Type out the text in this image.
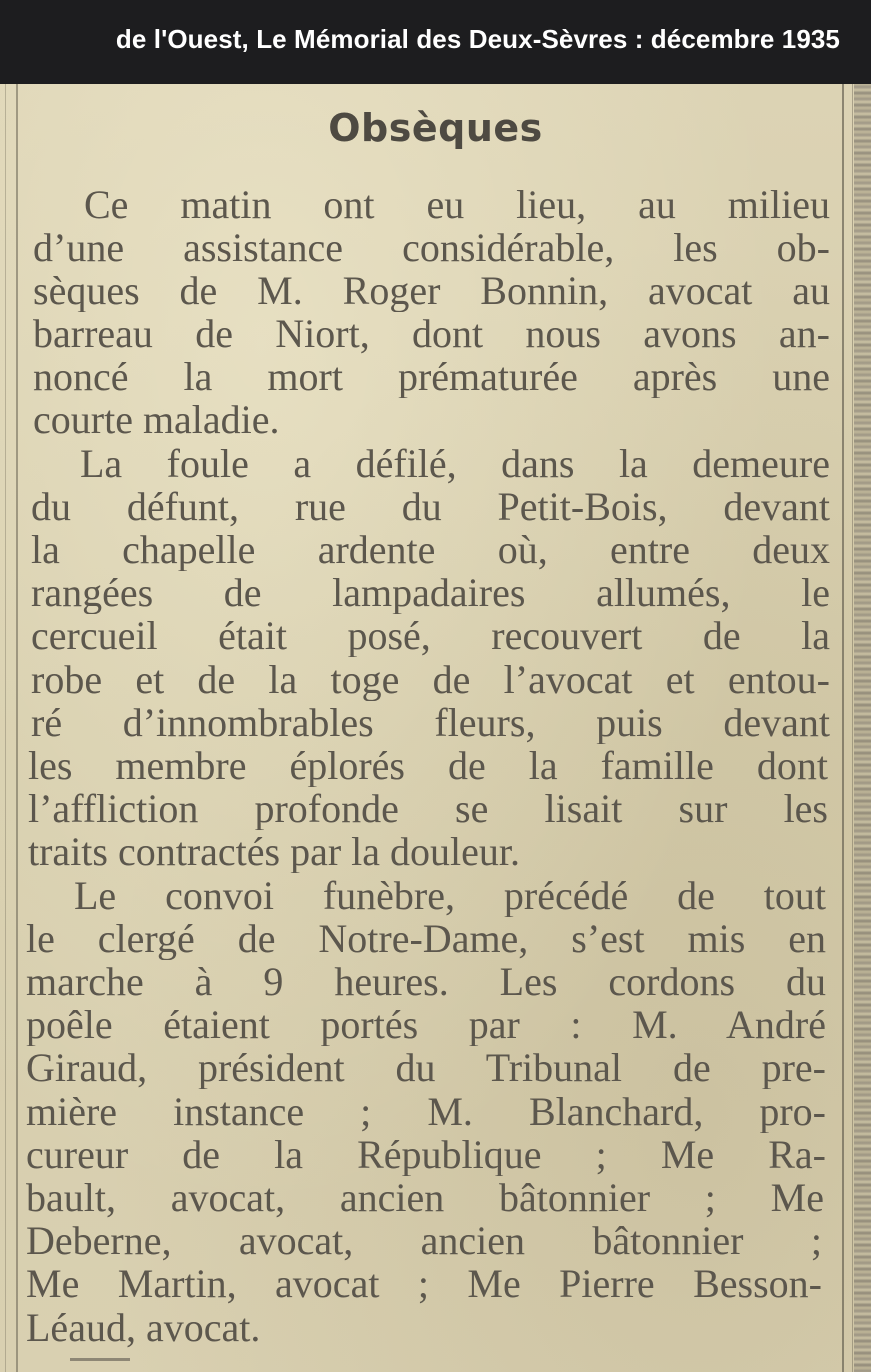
de l'Ouest, Le Mémorial des Deux-Sèvres : décembre 1935
Obsèques
Ce matin ont eu lieu, au milieu
d’une assistance considérable, les ob-
sèques de M. Roger Bonnin, avocat au
barreau de Niort, dont nous avons an-
noncé la mort prématurée après une
courte maladie.
La foule a défilé, dans la demeure
du défunt, rue du Petit-Bois, devant
la chapelle ardente où, entre deux
rangées de lampadaires allumés, le
cercueil était posé, recouvert de la
robe et de la toge de l’avocat et entou-
ré d’innombrables fleurs, puis devant
les membre éplorés de la famille dont
l’affliction profonde se lisait sur les
traits contractés par la douleur.
Le convoi funèbre, précédé de tout
le clergé de Notre-Dame, s’est mis en
marche à 9 heures. Les cordons du
poêle étaient portés par : M. André
Giraud, président du Tribunal de pre-
mière instance ; M. Blanchard, pro-
cureur de la République ; Me Ra-
bault, avocat, ancien bâtonnier ; Me
Deberne, avocat, ancien bâtonnier ;
Me Martin, avocat ; Me Pierre Besson-
Léaud, avocat.
